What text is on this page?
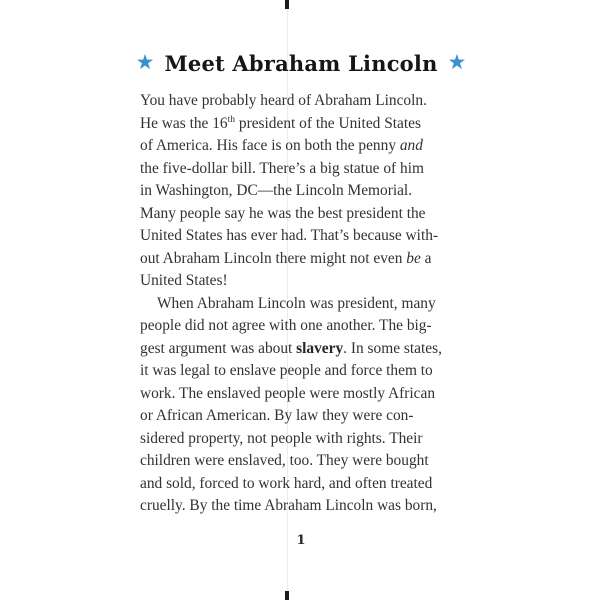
★ Meet Abraham Lincoln ★

You have probably heard of Abraham Lincoln.
He was the 16th president of the United States
of America. His face is on both the penny and
the five-dollar bill. There’s a big statue of him
in Washington, DC—the Lincoln Memorial.
Many people say he was the best president the
United States has ever had. That’s because with-
out Abraham Lincoln there might not even be a
United States!

When Abraham Lincoln was president, many
people did not agree with one another. The big-
gest argument was about slavery. In some states,
it was legal to enslave people and force them to
work. The enslaved people were mostly African
or African American. By law they were con-
sidered property, not people with rights. Their
children were enslaved, too. They were bought
and sold, forced to work hard, and often treated
cruelly. By the time Abraham Lincoln was born,

1
